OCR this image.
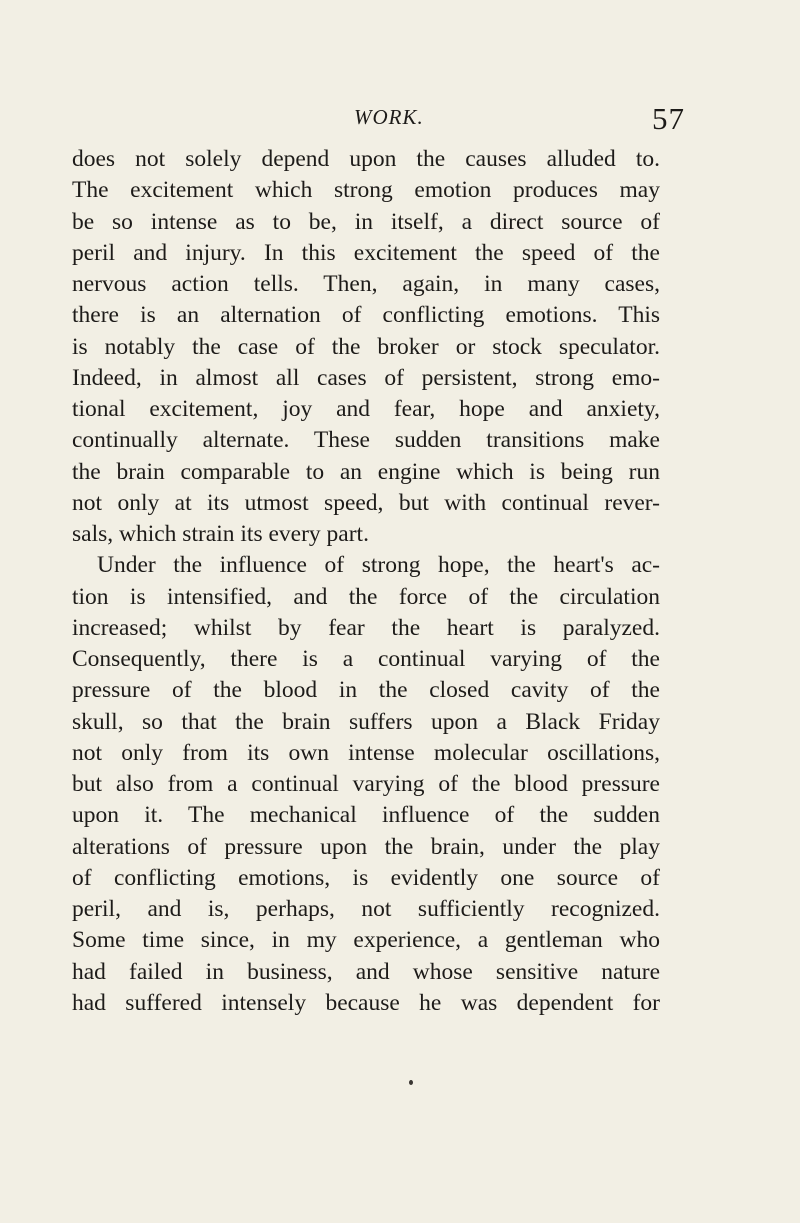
WORK.	57
does not solely depend upon the causes alluded to.
The excitement which strong emotion produces may
be so intense as to be, in itself, a direct source of
peril and injury. In this excitement the speed of the
nervous action tells. Then, again, in many cases,
there is an alternation of conflicting emotions. This
is notably the case of the broker or stock speculator.
Indeed, in almost all cases of persistent, strong emo-
tional excitement, joy and fear, hope and anxiety,
continually alternate. These sudden transitions make
the brain comparable to an engine which is being run
not only at its utmost speed, but with continual rever-
sals, which strain its every part.
Under the influence of strong hope, the heart's ac-
tion is intensified, and the force of the circulation
increased; whilst by fear the heart is paralyzed.
Consequently, there is a continual varying of the
pressure of the blood in the closed cavity of the
skull, so that the brain suffers upon a Black Friday
not only from its own intense molecular oscillations,
but also from a continual varying of the blood pressure
upon it. The mechanical influence of the sudden
alterations of pressure upon the brain, under the play
of conflicting emotions, is evidently one source of
peril, and is, perhaps, not sufficiently recognized.
Some time since, in my experience, a gentleman who
had failed in business, and whose sensitive nature
had suffered intensely because he was dependent for
